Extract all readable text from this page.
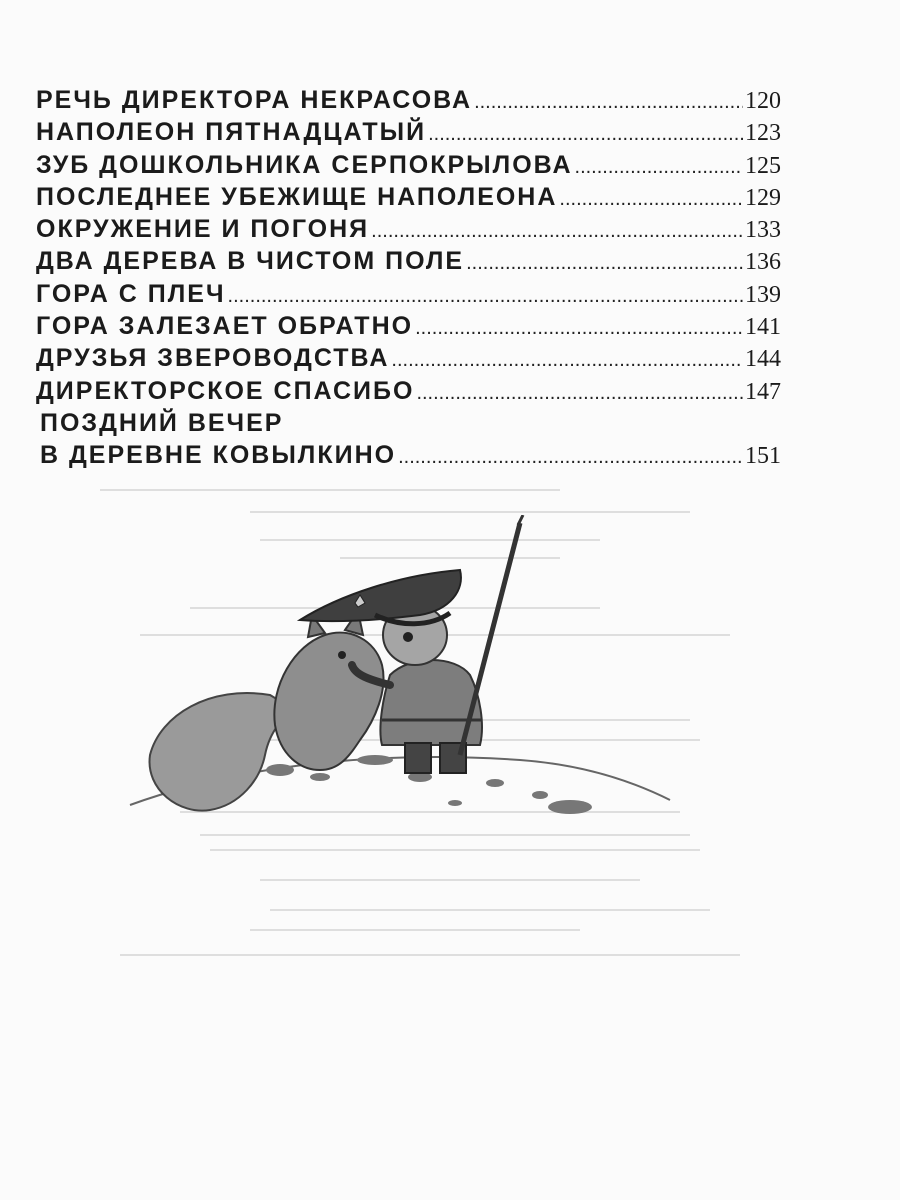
РЕЧЬ ДИРЕКТОРА НЕКРАСОВА .....	120
НАПОЛЕОН ПЯТНАДЦАТЫЙ .....	123
ЗУБ ДОШКОЛЬНИКА СЕРПОКРЫЛОВА .....	125
ПОСЛЕДНЕЕ УБЕЖИЩЕ НАПОЛЕОНА .....	129
ОКРУЖЕНИЕ И ПОГОНЯ .....	133
ДВА ДЕРЕВА В ЧИСТОМ ПОЛЕ .....	136
ГОРА С ПЛЕЧ .....	139
ГОРА ЗАЛЕЗАЕТ ОБРАТНО .....	141
ДРУЗЬЯ ЗВЕРОВОДСТВА .....	144
ДИРЕКТОРСКОЕ СПАСИБО .....	147
ПОЗДНИЙ ВЕЧЕР
В ДЕРЕВНЕ КОВЫЛКИНО .....	151
